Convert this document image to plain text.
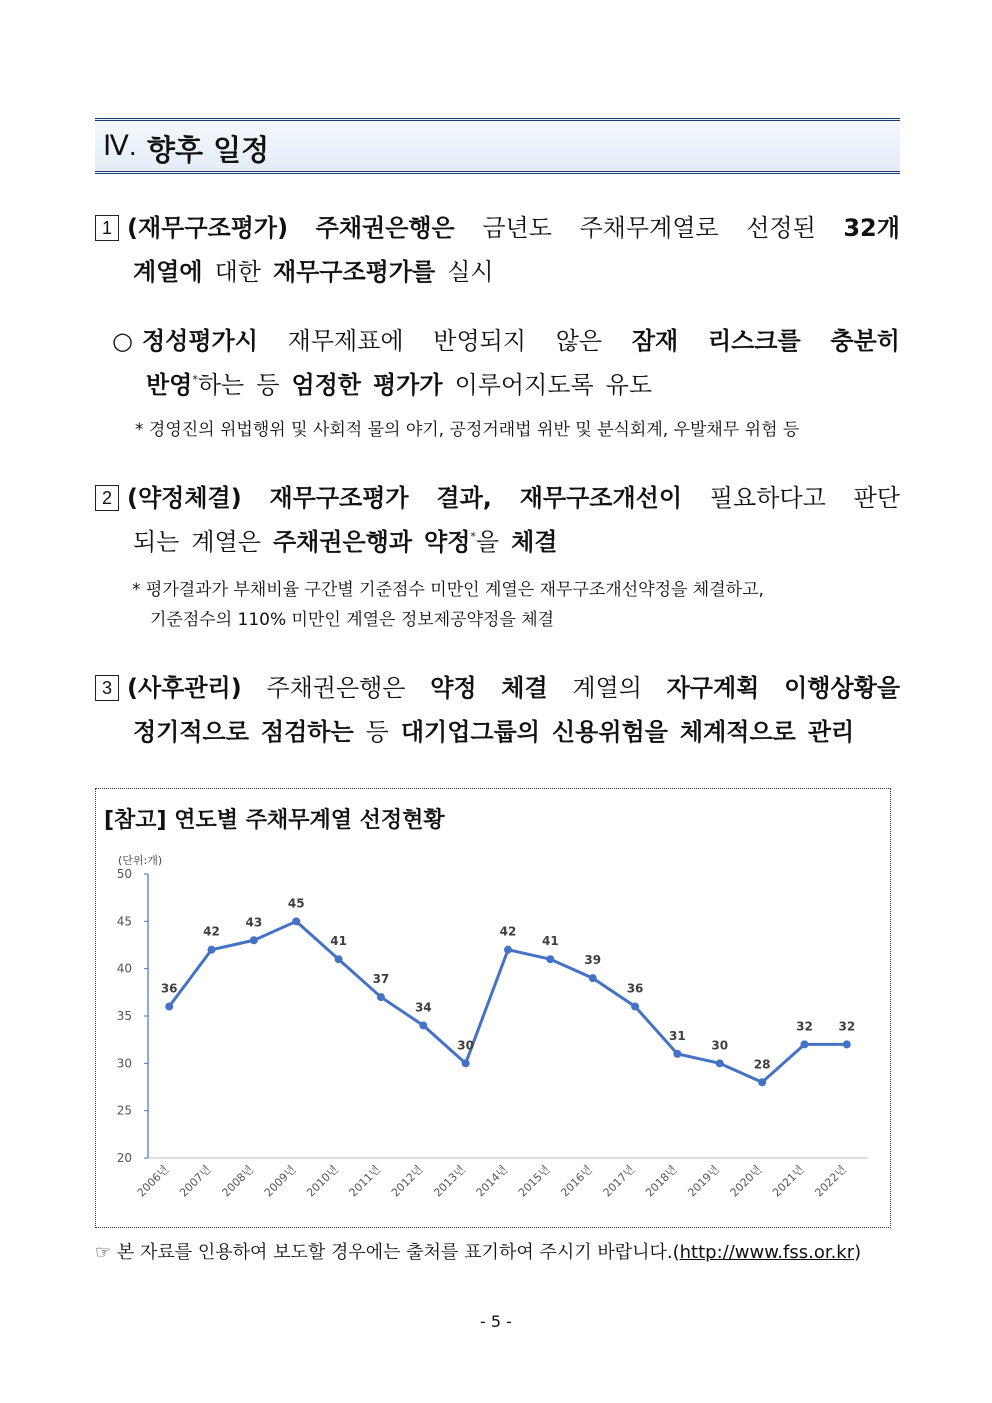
Ⅳ. 향후 일정
1 (재무구조평가) 주채권은행은 금년도 주채무계열로 선정된 32개
계열에 대한 재무구조평가를 실시
○ 정성평가시 재무제표에 반영되지 않은 잠재 리스크를 충분히
반영*하는 등 엄정한 평가가 이루어지도록 유도
* 경영진의 위법행위 및 사회적 물의 야기, 공정거래법 위반 및 분식회계, 우발채무 위험 등
2 (약정체결) 재무구조평가 결과, 재무구조개선이 필요하다고 판단
되는 계열은 주채권은행과 약정*을 체결
* 평가결과가 부채비율 구간별 기준점수 미만인 계열은 재무구조개선약정을 체결하고,
기준점수의 110% 미만인 계열은 정보제공약정을 체결
3 (사후관리) 주채권은행은 약정 체결 계열의 자구계획 이행상황을
정기적으로 점검하는 등 대기업그룹의 신용위험을 체계적으로 관리
[참고] 연도별 주채무계열 선정현황
(단위:개)
20
25
30
35
40
45
50
2006년 2007년 2008년 2009년 2010년 2011년 2012년 2013년 2014년 2015년 2016년 2017년 2018년 2019년 2020년 2021년 2022년
36
42
43
45
41
37
34
30
42
41
39
36
31
30
28
32 32
☞ 본 자료를 인용하여 보도할 경우에는 출처를 표기하여 주시기 바랍니다.(http://www.fss.or.kr)
- 5 -
